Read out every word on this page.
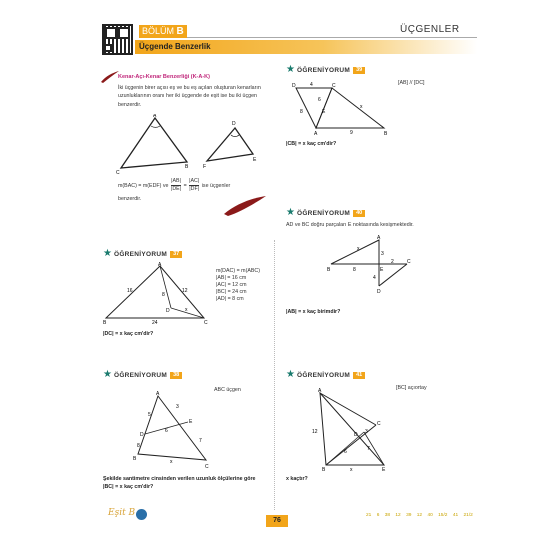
BÖLÜM B	ÜÇGENLER
Üçgende Benzerlik
Kenar-Açı-Kenar Benzerliği (K-A-K)
İki üçgenin birer açısı eş ve bu eş açıları oluşturan kenarların uzunluklarının oranı her iki üçgende de eşit ise bu iki üçgen benzerdir.
A
B
C
D
E
F
m(BAC) = m(EDF) ve $\frac{|AB|}{|DE|} = \frac{|AC|}{|DF|}$ ise üçgenler
benzerdir.
★ ÖĞRENİYORUM	37
A
B	C
D
16	12
8
24
x
m(DAC) = m(ABC)
|AB| = 16 cm
|AC| = 12 cm
|BC| = 24 cm
|AD| = 8 cm
|DC| = x kaç cm'dir?
★ ÖĞRENİYORUM	38
ABC üçgen
A
B
C
D
E
5
3
6
8
7
x
Şekilde santimetre cinsinden verilen uzunluk ölçülerine göre
|BC| = x kaç cm'dir?
★ ÖĞRENİYORUM	39
[AB] // [DC]
D	C
A	B
E
4
6
8
9
x
|CB| = x kaç cm'dir?
★ ÖĞRENİYORUM	40
AD ve BC doğru parçaları E noktasında kesişmektedir.
A
B
C
D
E
3
8
2
4
x
|AB| = x kaç birimdir?
★ ÖĞRENİYORUM	41
[BC] açıortay
A
B
C
D
E
12	3
6	7
x
x kaçtır?
Eşit B
76
21 6 38 12 39 12 40 15/2 41 21/2
